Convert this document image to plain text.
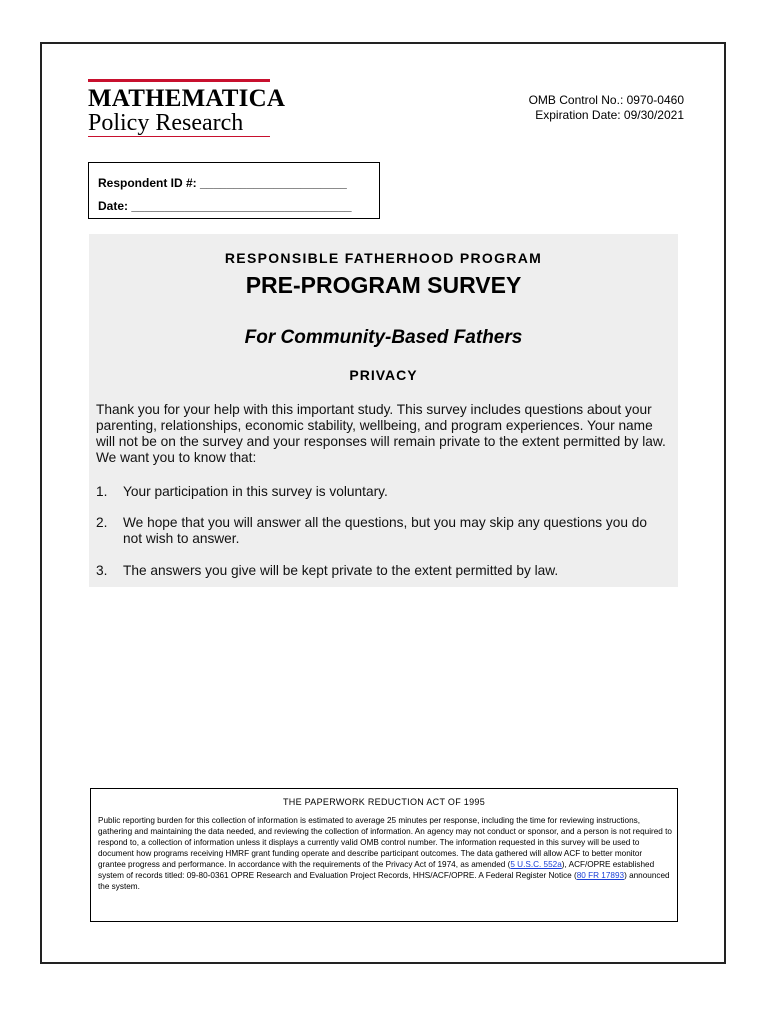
MATHEMATICA
Policy Research
OMB Control No.: 0970-0460
Expiration Date: 09/30/2021
Respondent ID #: ______________________
Date: _________________________________
RESPONSIBLE FATHERHOOD PROGRAM
PRE-PROGRAM SURVEY
For Community-Based Fathers
PRIVACY
Thank you for your help with this important study. This survey includes questions about your parenting, relationships, economic stability, wellbeing, and program experiences. Your name will not be on the survey and your responses will remain private to the extent permitted by law. We want you to know that:
1. Your participation in this survey is voluntary.
2. We hope that you will answer all the questions, but you may skip any questions you do not wish to answer.
3. The answers you give will be kept private to the extent permitted by law.
THE PAPERWORK REDUCTION ACT OF 1995
Public reporting burden for this collection of information is estimated to average 25 minutes per response, including the time for reviewing instructions, gathering and maintaining the data needed, and reviewing the collection of information. An agency may not conduct or sponsor, and a person is not required to respond to, a collection of information unless it displays a currently valid OMB control number. The information requested in this survey will be used to document how programs receiving HMRF grant funding operate and describe participant outcomes. The data gathered will allow ACF to better monitor grantee progress and performance. In accordance with the requirements of the Privacy Act of 1974, as amended (5 U.S.C. 552a), ACF/OPRE established system of records titled: 09-80-0361 OPRE Research and Evaluation Project Records, HHS/ACF/OPRE. A Federal Register Notice (80 FR 17893) announced the system.
